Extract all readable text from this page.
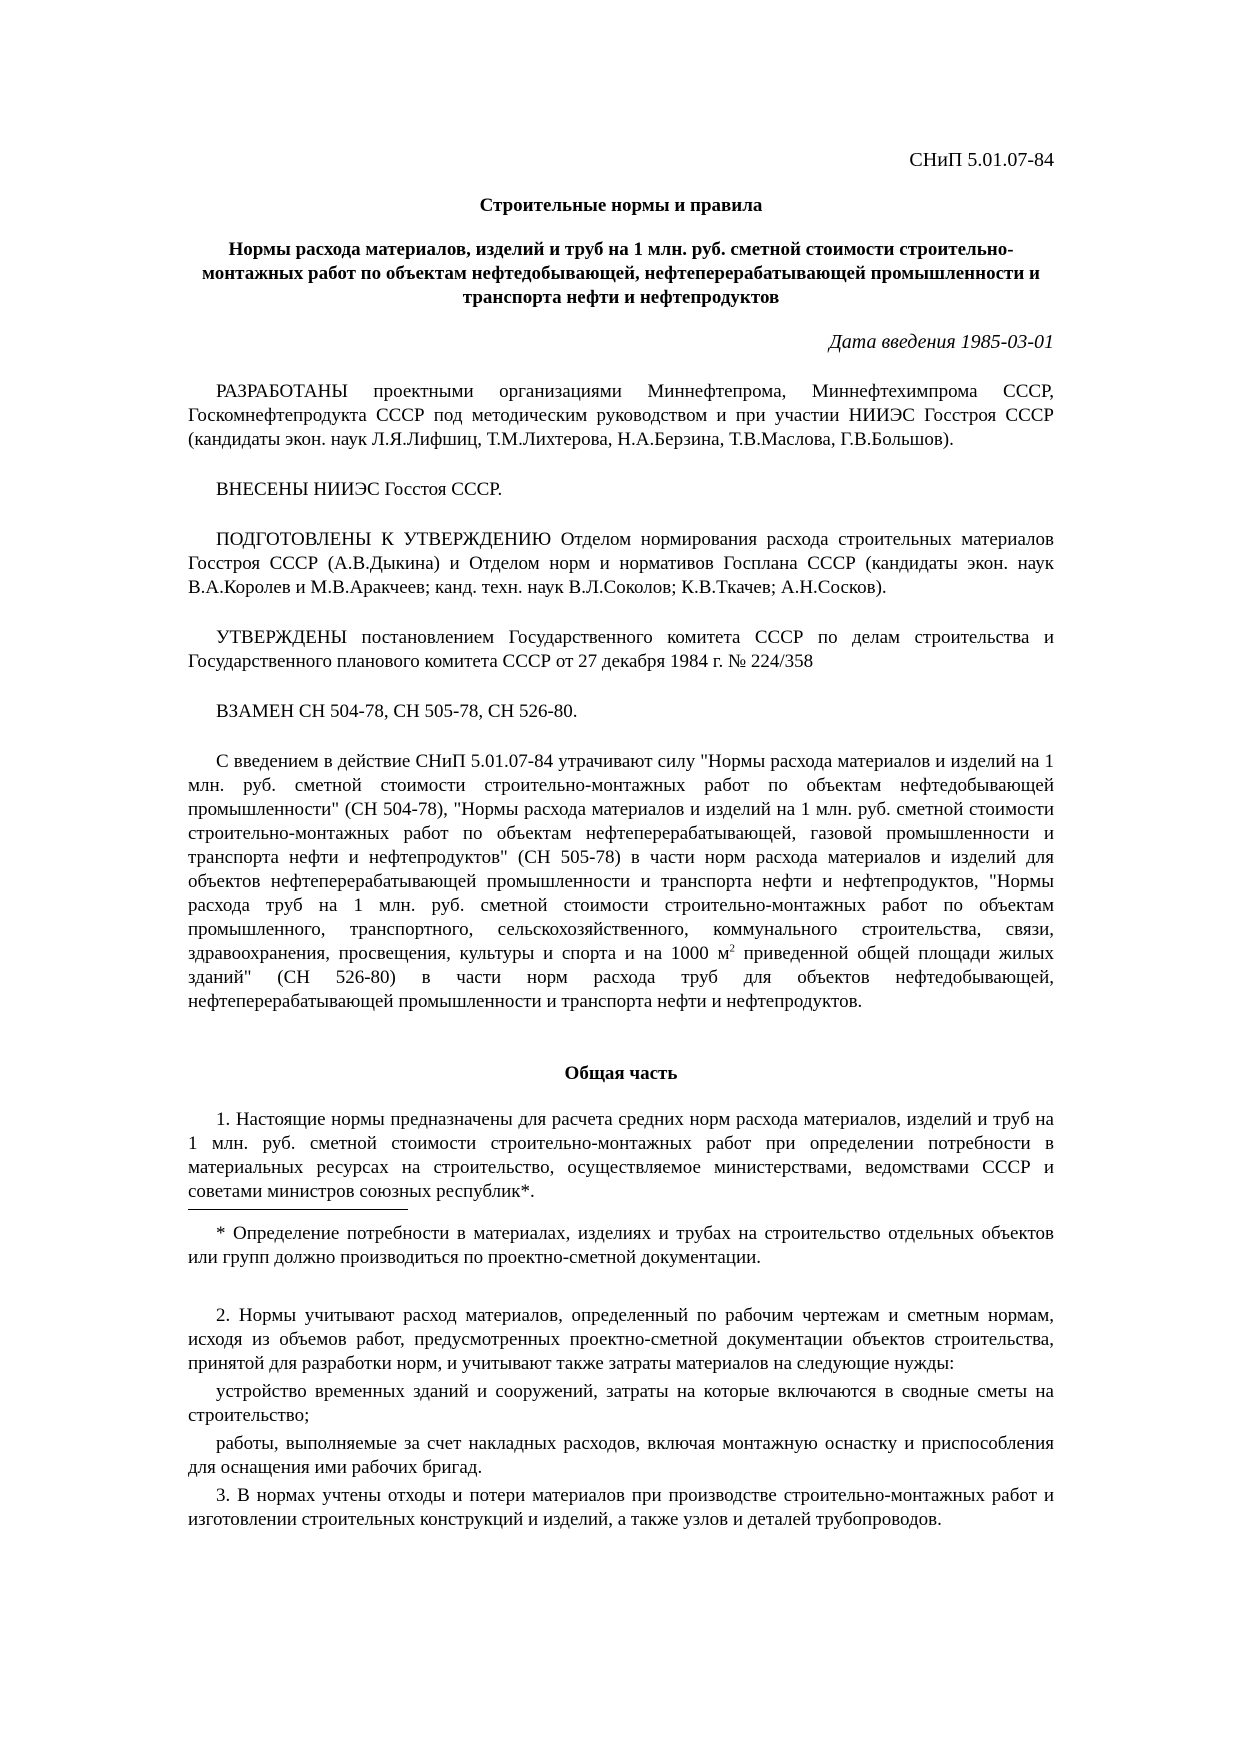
СНиП 5.01.07-84
Строительные нормы и правила
Нормы расхода материалов, изделий и труб на 1 млн. руб. сметной стоимости строительно-монтажных работ по объектам нефтедобывающей, нефтеперерабатывающей промышленности и транспорта нефти и нефтепродуктов
Дата введения 1985-03-01

РАЗРАБОТАНЫ проектными организациями Миннефтепрома, Миннефтехимпрома СССР, Госкомнефтепродукта СССР под методическим руководством и при участии НИИЭС Госстроя СССР (кандидаты экон. наук Л.Я.Лифшиц, Т.М.Лихтерова, Н.А.Берзина, Т.В.Маслова, Г.В.Большов).

ВНЕСЕНЫ НИИЭС Госстоя СССР.

ПОДГОТОВЛЕНЫ К УТВЕРЖДЕНИЮ Отделом нормирования расхода строительных материалов Госстроя СССР (А.В.Дыкина) и Отделом норм и нормативов Госплана СССР (кандидаты экон. наук В.А.Королев и М.В.Аракчеев; канд. техн. наук В.Л.Соколов; К.В.Ткачев; А.Н.Сосков).

УТВЕРЖДЕНЫ постановлением Государственного комитета СССР по делам строительства и Государственного планового комитета СССР от 27 декабря 1984 г. № 224/358

ВЗАМЕН СН 504-78, СН 505-78, СН 526-80.

С введением в действие СНиП 5.01.07-84 утрачивают силу "Нормы расхода материалов и изделий на 1 млн. руб. сметной стоимости строительно-монтажных работ по объектам нефтедобывающей промышленности" (СН 504-78), "Нормы расхода материалов и изделий на 1 млн. руб. сметной стоимости строительно-монтажных работ по объектам нефтеперерабатывающей, газовой промышленности и транспорта нефти и нефтепродуктов" (СН 505-78) в части норм расхода материалов и изделий для объектов нефтеперерабатывающей промышленности и транспорта нефти и нефтепродуктов, "Нормы расхода труб на 1 млн. руб. сметной стоимости строительно-монтажных работ по объектам промышленного, транспортного, сельскохозяйственного, коммунального строительства, связи, здравоохранения, просвещения, культуры и спорта и на 1000 $м^2$ приведенной общей площади жилых зданий" (СН 526-80) в части норм расхода труб для объектов нефтедобывающей, нефтеперерабатывающей промышленности и транспорта нефти и нефтепродуктов.

Общая часть

1. Настоящие нормы предназначены для расчета средних норм расхода материалов, изделий и труб на 1 млн. руб. сметной стоимости строительно-монтажных работ при определении потребности в материальных ресурсах на строительство, осуществляемое министерствами, ведомствами СССР и советами министров союзных республик*.

* Определение потребности в материалах, изделиях и трубах на строительство отдельных объектов или групп должно производиться по проектно-сметной документации.

2. Нормы учитывают расход материалов, определенный по рабочим чертежам и сметным нормам, исходя из объемов работ, предусмотренных проектно-сметной документации объектов строительства, принятой для разработки норм, и учитывают также затраты материалов на следующие нужды:

устройство временных зданий и сооружений, затраты на которые включаются в сводные сметы на строительство;

работы, выполняемые за счет накладных расходов, включая монтажную оснастку и приспособления для оснащения ими рабочих бригад.

3. В нормах учтены отходы и потери материалов при производстве строительно-монтажных работ и изготовлении строительных конструкций и изделий, а также узлов и деталей трубопроводов.
